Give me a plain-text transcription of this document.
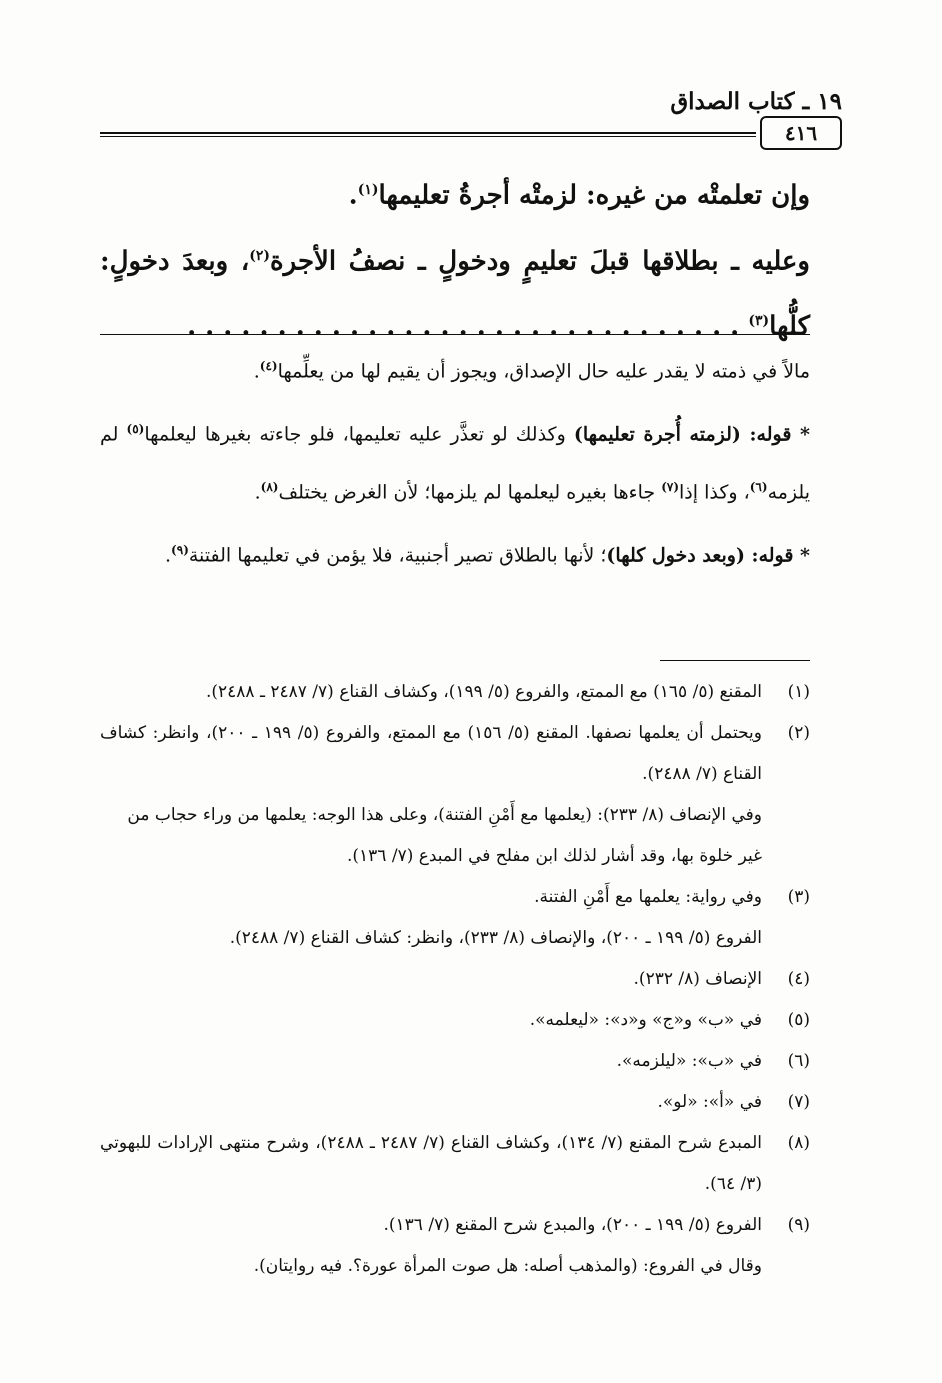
١٩ ـ كتاب الصداق
٤١٦

وإن تعلمتْه من غيره: لزمتْه أجرةُ تعليمها$^{(١)}$.

وعليه ـ بطلاقها قبلَ تعليمٍ ودخولٍ ـ نصفُ الأجرة$^{(٢)}$، وبعدَ دخولٍ: كلُّها$^{(٣)}$ . . . . . . . . . . . . . . . . . . . . . . . . . . . . . . .

مالاً في ذمته لا يقدر عليه حال الإصداق، ويجوز أن يقيم لها من يعلِّمها$^{(٤)}$.

* قوله: (لزمته أُجرة تعليمها) وكذلك لو تعذَّر عليه تعليمها، فلو جاءته بغيرها ليعلمها$^{(٥)}$ لم يلزمه$^{(٦)}$، وكذا إذا$^{(٧)}$ جاءها بغيره ليعلمها لم يلزمها؛ لأن الغرض يختلف$^{(٨)}$.

* قوله: (وبعد دخول كلها)؛ لأنها بالطلاق تصير أجنبية، فلا يؤمن في تعليمها الفتنة$^{(٩)}$.

(١)

المقنع (٥/ ١٦٥) مع الممتع، والفروع (٥/ ١٩٩)، وكشاف القناع (٧/ ٢٤٨٧ ـ ٢٤٨٨).

(٢)

ويحتمل أن يعلمها نصفها. المقنع (٥/ ١٥٦) مع الممتع، والفروع (٥/ ١٩٩ ـ ٢٠٠)، وانظر: كشاف القناع (٧/ ٢٤٨٨).

وفي الإنصاف (٨/ ٢٣٣): (يعلمها مع أَمْنِ الفتنة)، وعلى هذا الوجه: يعلمها من وراء حجاب من غير خلوة بها، وقد أشار لذلك ابن مفلح في المبدع (٧/ ١٣٦).

(٣)

وفي رواية: يعلمها مع أَمْنِ الفتنة.

الفروع (٥/ ١٩٩ ـ ٢٠٠)، والإنصاف (٨/ ٢٣٣)، وانظر: كشاف القناع (٧/ ٢٤٨٨).

(٤)

الإنصاف (٨/ ٢٣٢).

(٥)

في «ب» و«ج» و«د»: «ليعلمه».

(٦)

في «ب»: «ليلزمه».

(٧)

في «أ»: «لو».

(٨)

المبدع شرح المقنع (٧/ ١٣٤)، وكشاف القناع (٧/ ٢٤٨٧ ـ ٢٤٨٨)، وشرح منتهى الإرادات للبهوتي (٣/ ٦٤).

(٩)

الفروع (٥/ ١٩٩ ـ ٢٠٠)، والمبدع شرح المقنع (٧/ ١٣٦).

وقال في الفروع: (والمذهب أصله: هل صوت المرأة عورة؟. فيه روايتان).
